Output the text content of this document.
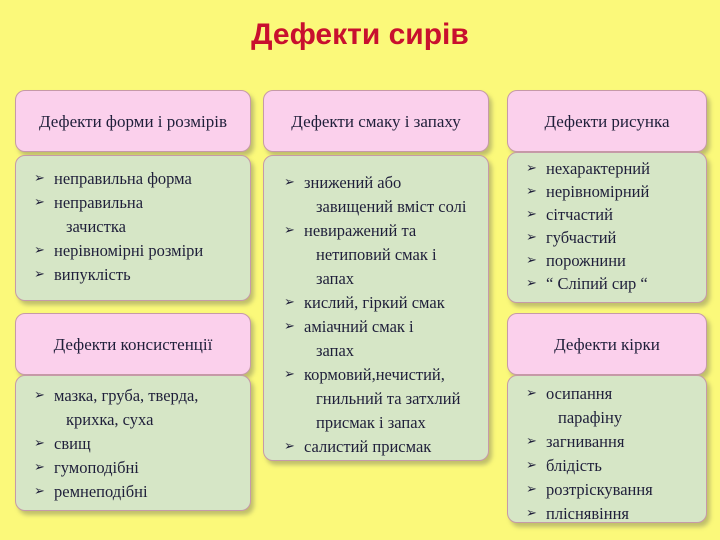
Дефекти сирів
Дефекти форми і розмірів
➢ неправильна форма
➢ неправильна
зачистка
➢ нерівномірні розміри
➢ випуклість
Дефекти консистенції
➢ мазка, груба, тверда,
крихка, суха
➢ свищ
➢ гумоподібні
➢ ремнеподібні
Дефекти смаку і запаху
➢ знижений або
завищений вміст солі
➢ невиражений та
нетиповий смак і
запах
➢ кислий, гіркий смак
➢ аміачний смак і
запах
➢ кормовий,нечистий,
гнильний та затхлий
присмак і запах
➢ салистий присмак
Дефекти рисунка
➢ нехарактерний
➢ нерівномірний
➢ сітчастий
➢ губчастий
➢ порожнини
➢ “ Сліпий сир “
Дефекти кірки
➢ осипання
парафіну
➢ загнивання
➢ блідість
➢ розтріскування
➢ пліснявіння
